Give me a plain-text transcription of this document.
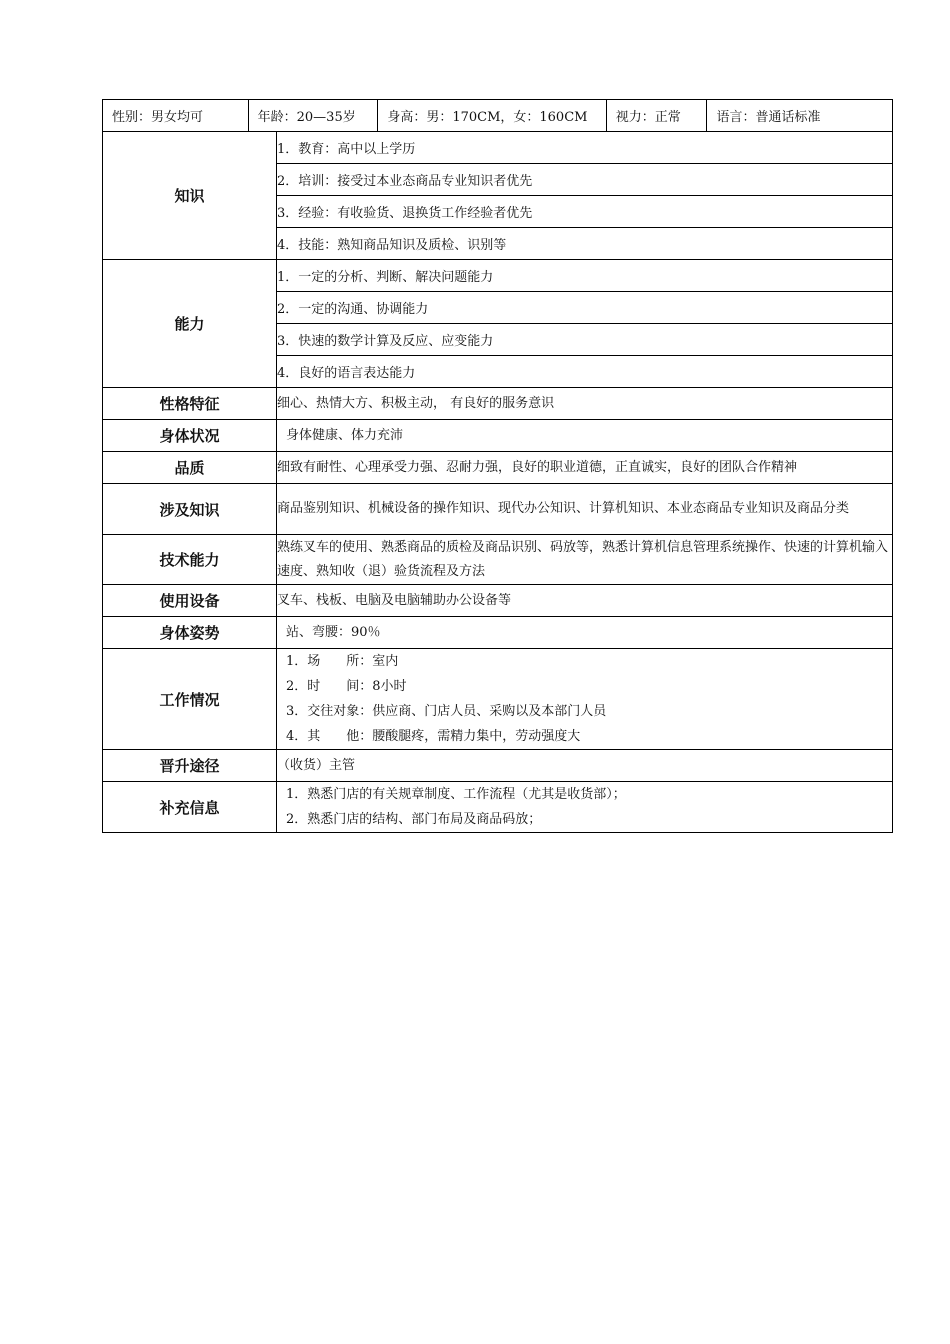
性别：男女均可	年龄：20—35岁	身高：男：170CM，女：160CM	视力：正常	语言：普通话标准
知识	1．教育：高中以上学历
	2．培训：接受过本业态商品专业知识者优先
	3．经验：有收验货、退换货工作经验者优先
	4．技能：熟知商品知识及质检、识别等
能力	1．一定的分析、判断、解决问题能力
	2．一定的沟通、协调能力
	3．快速的数学计算及反应、应变能力
	4．良好的语言表达能力
性格特征	细心、热情大方、积极主动， 有良好的服务意识
身体状况	身体健康、体力充沛
品质	细致有耐性、心理承受力强、忍耐力强，良好的职业道德，正直诚实，良好的团队合作精神
涉及知识	商品鉴别知识、机械设备的操作知识、现代办公知识、计算机知识、本业态商品专业知识及商品分类
技术能力	熟练叉车的使用、熟悉商品的质检及商品识别、码放等，熟悉计算机信息管理系统操作、快速的计算机输入速度、熟知收（退）验货流程及方法
使用设备	叉车、栈板、电脑及电脑辅助办公设备等
身体姿势	站、弯腰：90％
工作情况	1．场　　所：室内
2．时　　间：8小时
3．交往对象：供应商、门店人员、采购以及本部门人员
4．其　　他：腰酸腿疼，需精力集中，劳动强度大

晋升途径	（收货）主管
补充信息	1．熟悉门店的有关规章制度、工作流程（尤其是收货部）；
2．熟悉门店的结构、部门布局及商品码放；
